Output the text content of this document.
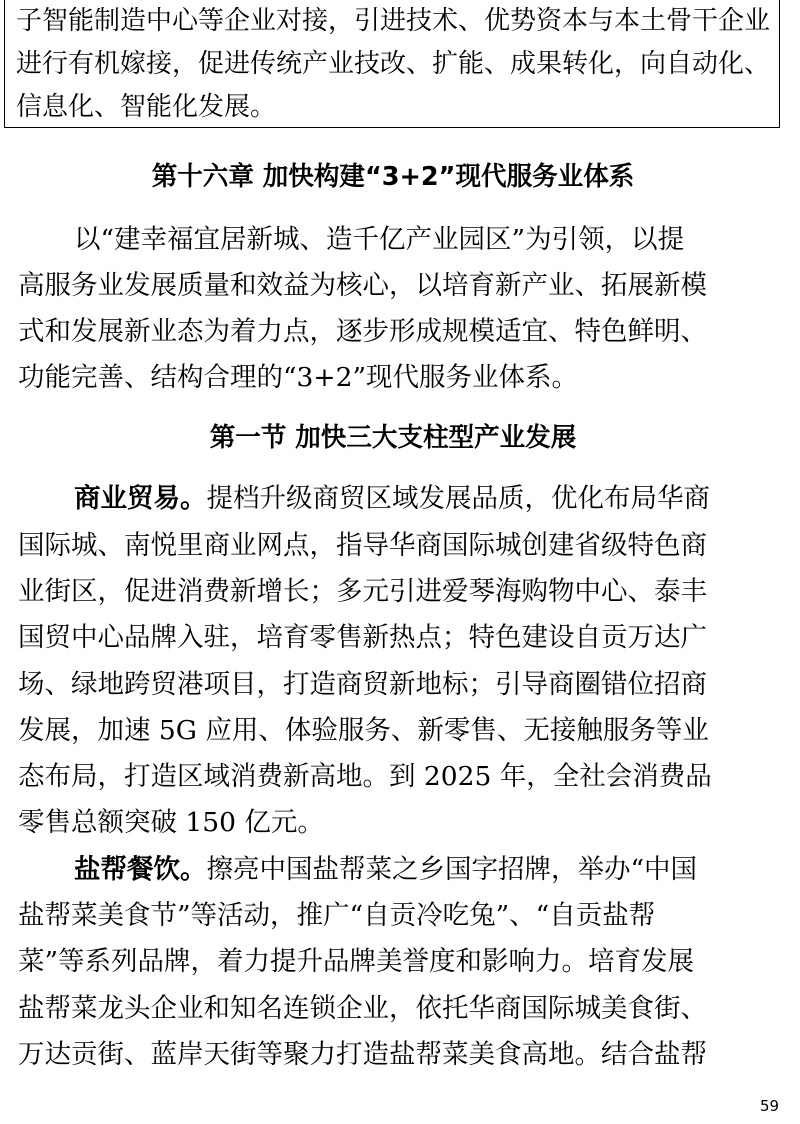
子智能制造中心等企业对接，引进技术、优势资本与本土骨干企业
进行有机嫁接，促进传统产业技改、扩能、成果转化，向自动化、
信息化、智能化发展。
第十六章 加快构建“3+2”现代服务业体系
以“建幸福宜居新城、造千亿产业园区”为引领，以提
高服务业发展质量和效益为核心，以培育新产业、拓展新模
式和发展新业态为着力点，逐步形成规模适宜、特色鲜明、
功能完善、结构合理的“3+2”现代服务业体系。
第一节 加快三大支柱型产业发展
商业贸易。提档升级商贸区域发展品质，优化布局华商
国际城、南悦里商业网点，指导华商国际城创建省级特色商
业街区，促进消费新增长；多元引进爱琴海购物中心、泰丰
国贸中心品牌入驻，培育零售新热点；特色建设自贡万达广
场、绿地跨贸港项目，打造商贸新地标；引导商圈错位招商
发展，加速 5G 应用、体验服务、新零售、无接触服务等业
态布局，打造区域消费新高地。到 2025 年，全社会消费品
零售总额突破 150 亿元。
盐帮餐饮。擦亮中国盐帮菜之乡国字招牌，举办“中国
盐帮菜美食节”等活动，推广“自贡冷吃兔”、“自贡盐帮
菜”等系列品牌，着力提升品牌美誉度和影响力。培育发展
盐帮菜龙头企业和知名连锁企业，依托华商国际城美食街、
万达贡街、蓝岸天街等聚力打造盐帮菜美食高地。结合盐帮
59
